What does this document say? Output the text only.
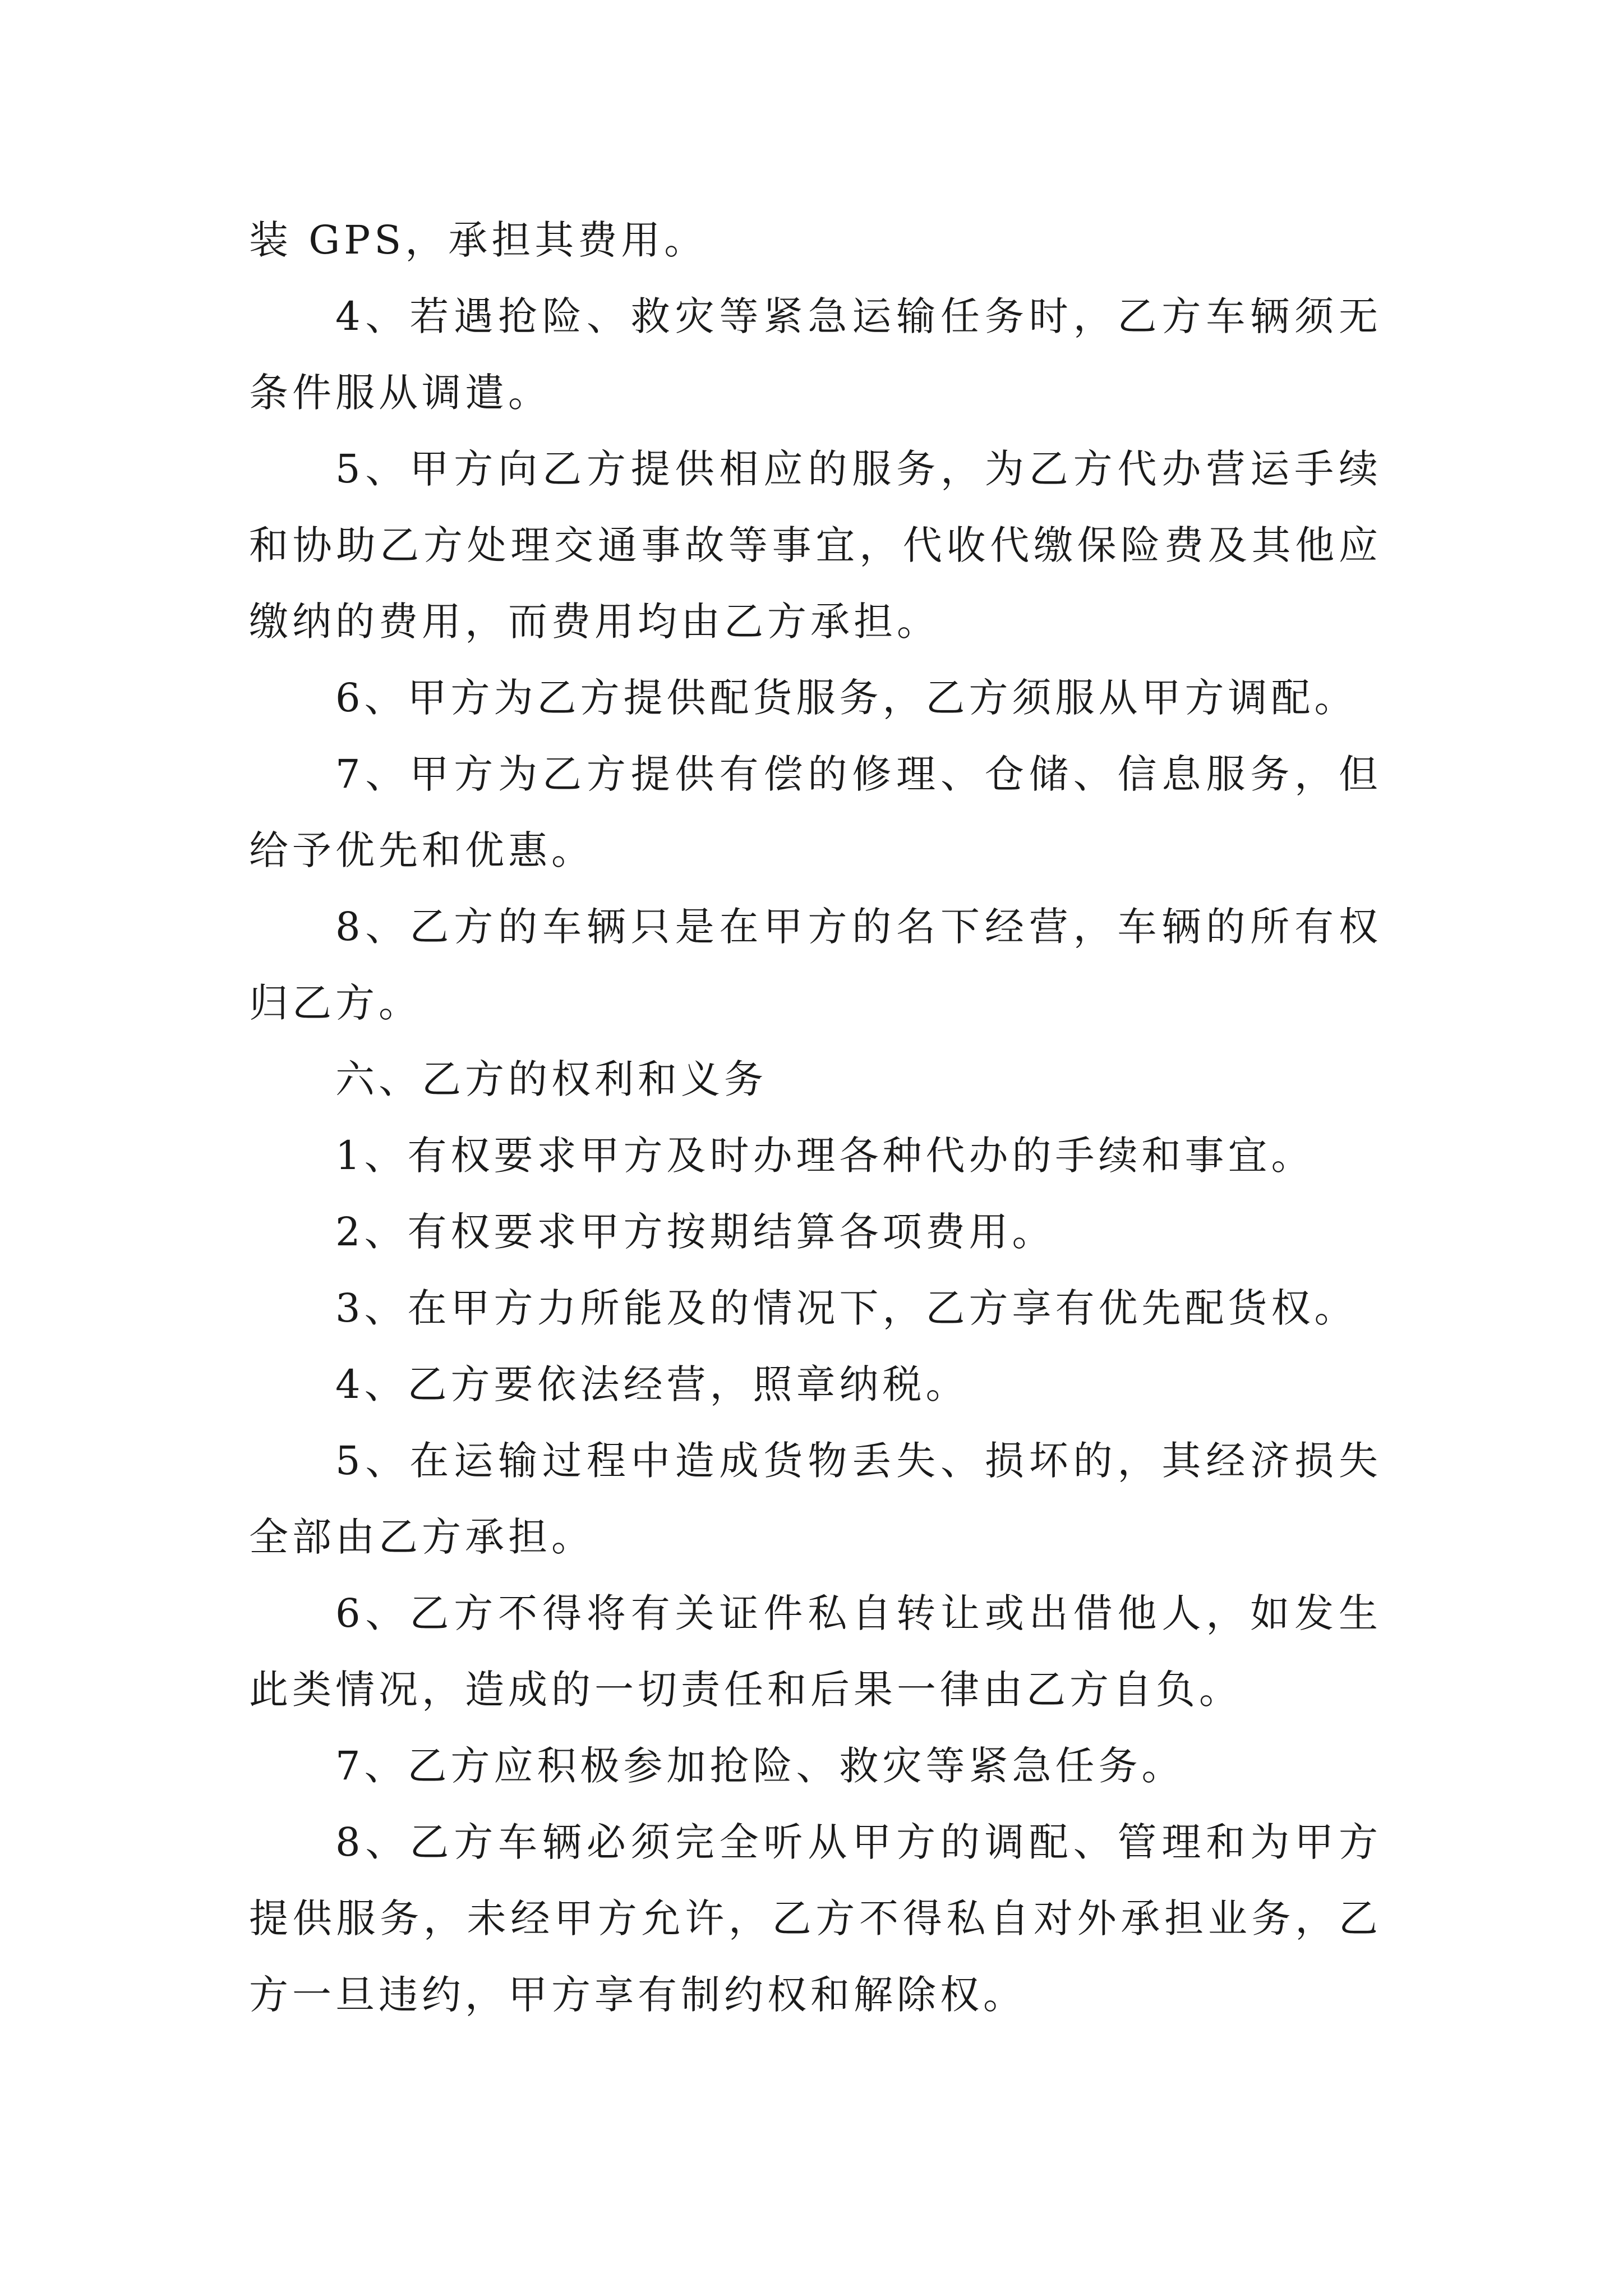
装 GPS，承担其费用。

4、若遇抢险、救灾等紧急运输任务时，乙方车辆须无条件服从调遣。

5、甲方向乙方提供相应的服务，为乙方代办营运手续和协助乙方处理交通事故等事宜，代收代缴保险费及其他应缴纳的费用，而费用均由乙方承担。

6、甲方为乙方提供配货服务，乙方须服从甲方调配。

7、甲方为乙方提供有偿的修理、仓储、信息服务，但给予优先和优惠。

8、乙方的车辆只是在甲方的名下经营，车辆的所有权归乙方。

六、乙方的权利和义务

1、有权要求甲方及时办理各种代办的手续和事宜。

2、有权要求甲方按期结算各项费用。

3、在甲方力所能及的情况下，乙方享有优先配货权。

4、乙方要依法经营，照章纳税。

5、在运输过程中造成货物丢失、损坏的，其经济损失全部由乙方承担。

6、乙方不得将有关证件私自转让或出借他人，如发生此类情况，造成的一切责任和后果一律由乙方自负。

7、乙方应积极参加抢险、救灾等紧急任务。

8、乙方车辆必须完全听从甲方的调配、管理和为甲方提供服务，未经甲方允许，乙方不得私自对外承担业务，乙方一旦违约，甲方享有制约权和解除权。
